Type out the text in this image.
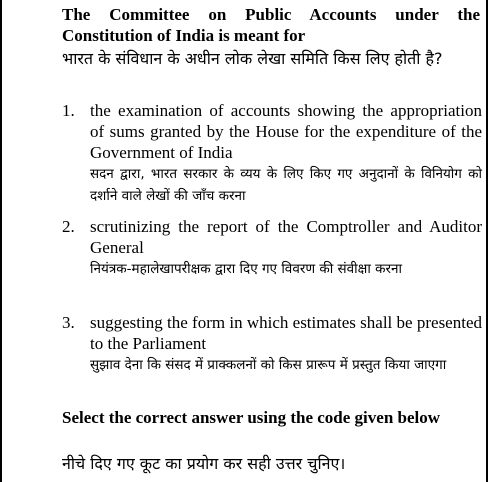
The Committee on Public Accounts under the Constitution of India is meant for
भारत के संविधान के अधीन लोक लेखा समिति किस लिए होती है?
1. the examination of accounts showing the appropriation of sums granted by the House for the expenditure of the Government of India
सदन द्वारा, भारत सरकार के व्यय के लिए किए गए अनुदानों के विनियोग को दर्शाने वाले लेखों की जाँच करना
2. scrutinizing the report of the Comptroller and Auditor General
नियंत्रक-महालेखापरीक्षक द्वारा दिए गए विवरण की संवीक्षा करना
3. suggesting the form in which estimates shall be presented to the Parliament
सुझाव देना कि संसद में प्राक्कलनों को किस प्रारूप में प्रस्तुत किया जाएगा
Select the correct answer using the code given below
नीचे दिए गए कूट का प्रयोग कर सही उत्तर चुनिए।
